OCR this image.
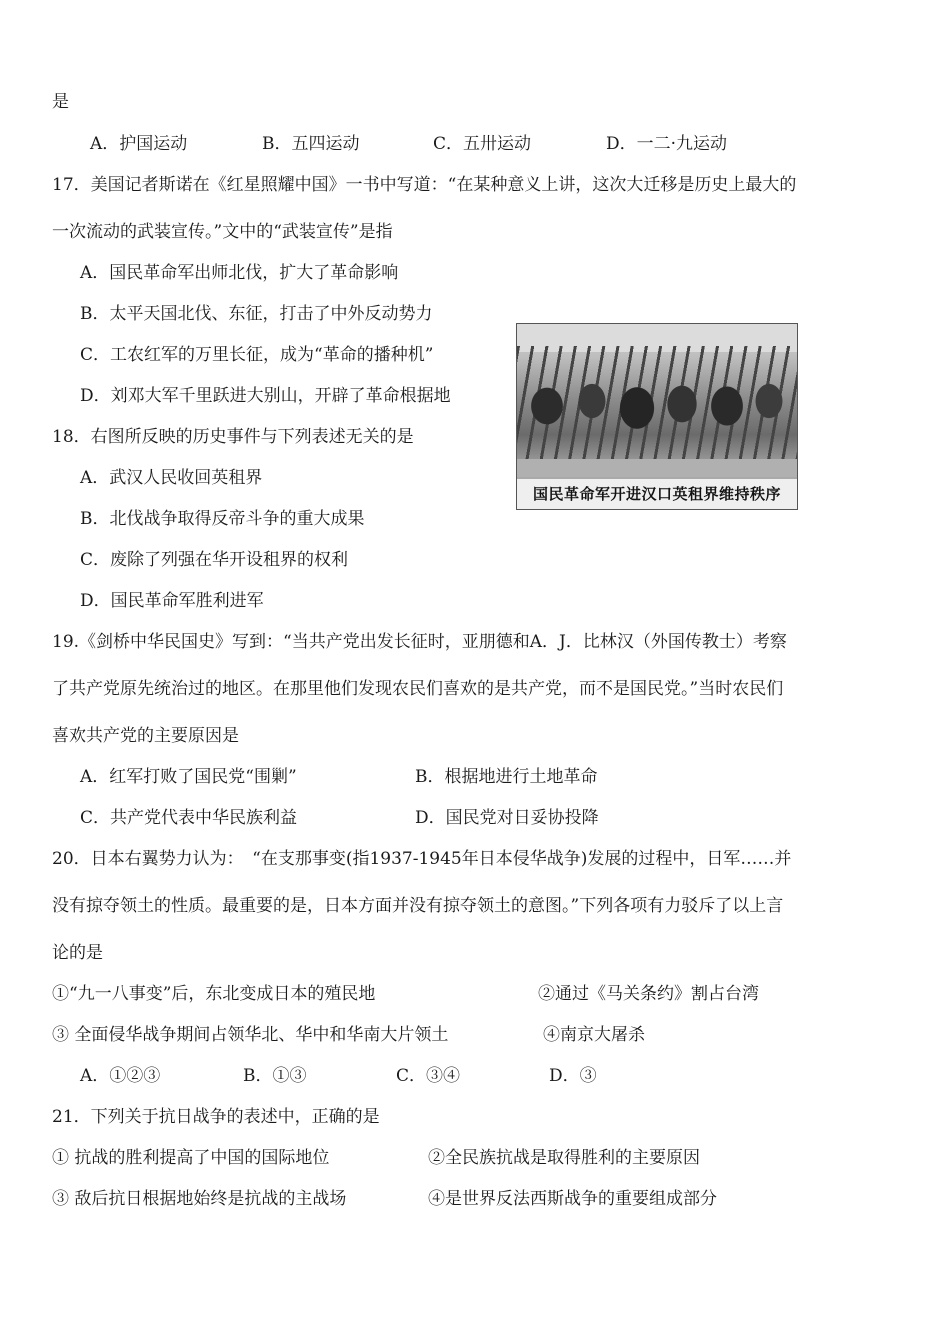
是
A．护国运动	B．五四运动	C．五卅运动	D．一二·九运动
17．美国记者斯诺在《红星照耀中国》一书中写道：“在某种意义上讲，这次大迁移是历史上最大的
一次流动的武装宣传。”文中的“武装宣传”是指
A．国民革命军出师北伐，扩大了革命影响
B．太平天国北伐、东征，打击了中外反动势力
C．工农红军的万里长征，成为“革命的播种机”
D．刘邓大军千里跃进大别山，开辟了革命根据地
18．右图所反映的历史事件与下列表述无关的是
A．武汉人民收回英租界
B．北伐战争取得反帝斗争的重大成果
C．废除了列强在华开设租界的权利
D．国民革命军胜利进军
国民革命军开进汉口英租界维持秩序
19.《剑桥中华民国史》写到：“当共产党出发长征时，亚朋德和A．J．比林汉（外国传教士）考察
了共产党原先统治过的地区。在那里他们发现农民们喜欢的是共产党，而不是国民党。”当时农民们
喜欢共产党的主要原因是
A．红军打败了国民党“围剿”	B．根据地进行土地革命
C．共产党代表中华民族利益	D．国民党对日妥协投降
20．日本右翼势力认为：　“在支那事变(指1937-1945年日本侵华战争)发展的过程中，日军……并
没有掠夺领土的性质。最重要的是，日本方面并没有掠夺领土的意图。”下列各项有力驳斥了以上言
论的是
①“九一八事变”后，东北变成日本的殖民地	②通过《马关条约》割占台湾
③ 全面侵华战争期间占领华北、华中和华南大片领土	④南京大屠杀
A．①②③	B．①③	C．③④	D．③
21．下列关于抗日战争的表述中，正确的是
① 抗战的胜利提高了中国的国际地位	②全民族抗战是取得胜利的主要原因
③ 敌后抗日根据地始终是抗战的主战场	④是世界反法西斯战争的重要组成部分
